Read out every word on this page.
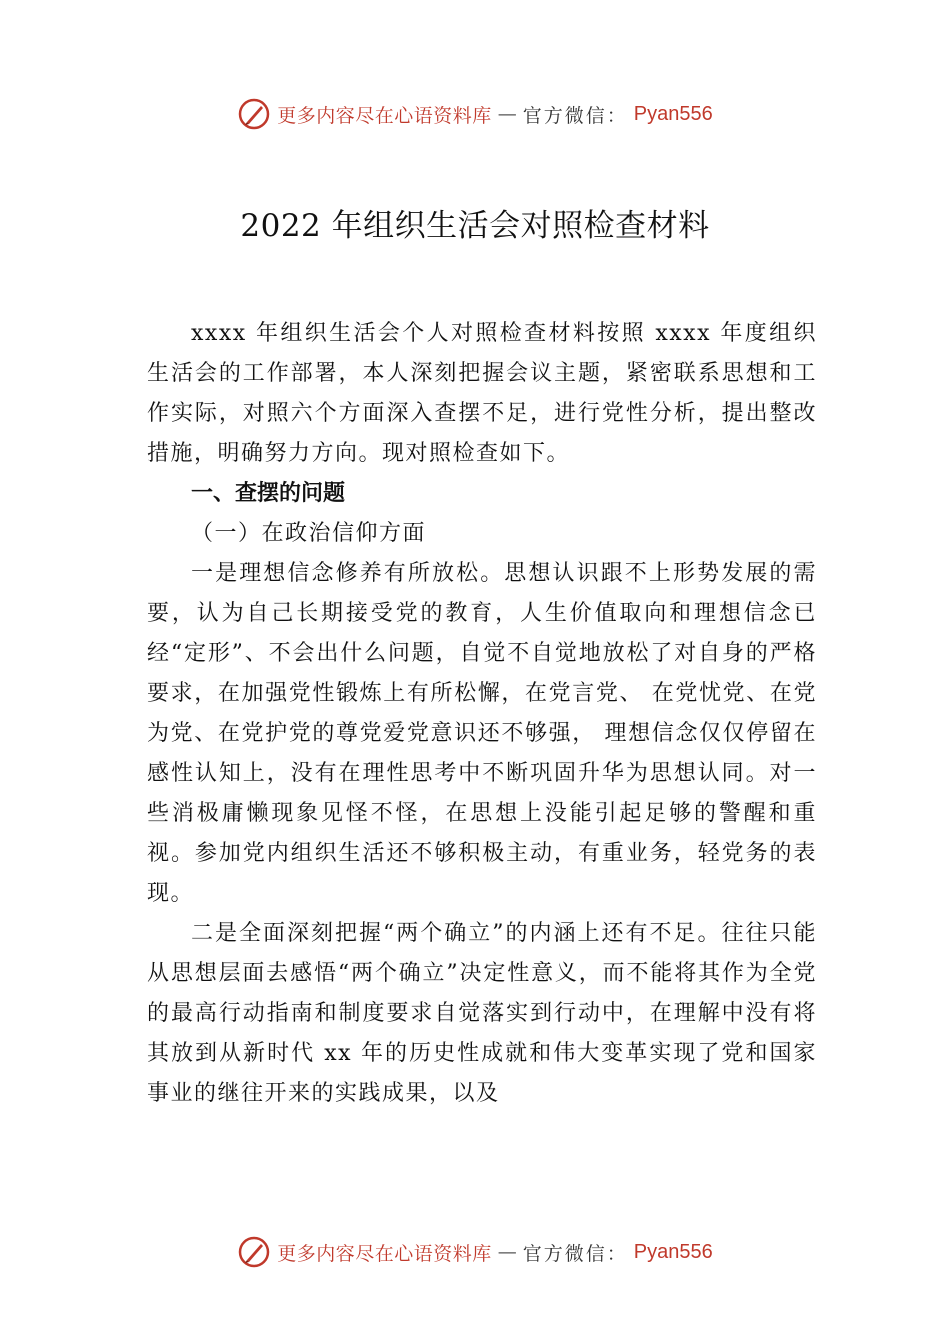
更多内容尽在心语资料库 — 官方微信： Pyan556
2022 年组织生活会对照检查材料

xxxx 年组织生活会个人对照检查材料按照 xxxx 年度组织生活会的工作部署，本人深刻把握会议主题，紧密联系思想和工作实际，对照六个方面深入查摆不足，进行党性分析，提出整改措施，明确努力方向。现对照检查如下。

一、查摆的问题

（一）在政治信仰方面

一是理想信念修养有所放松。思想认识跟不上形势发展的需要，认为自己长期接受党的教育，人生价值取向和理想信念已经“定形”、不会出什么问题，自觉不自觉地放松了对自身的严格要求，在加强党性锻炼上有所松懈，在党言党、 在党忧党、在党为党、在党护党的尊党爱党意识还不够强， 理想信念仅仅停留在感性认知上，没有在理性思考中不断巩固升华为思想认同。对一些消极庸懒现象见怪不怪，在思想上没能引起足够的警醒和重视。参加党内组织生活还不够积极主动，有重业务，轻党务的表现。

二是全面深刻把握“两个确立”的内涵上还有不足。往往只能从思想层面去感悟“两个确立”决定性意义，而不能将其作为全党的最高行动指南和制度要求自觉落实到行动中，在理解中没有将其放到从新时代 xx 年的历史性成就和伟大变革实现了党和国家事业的继往开来的实践成果，以及

更多内容尽在心语资料库 — 官方微信： Pyan556
